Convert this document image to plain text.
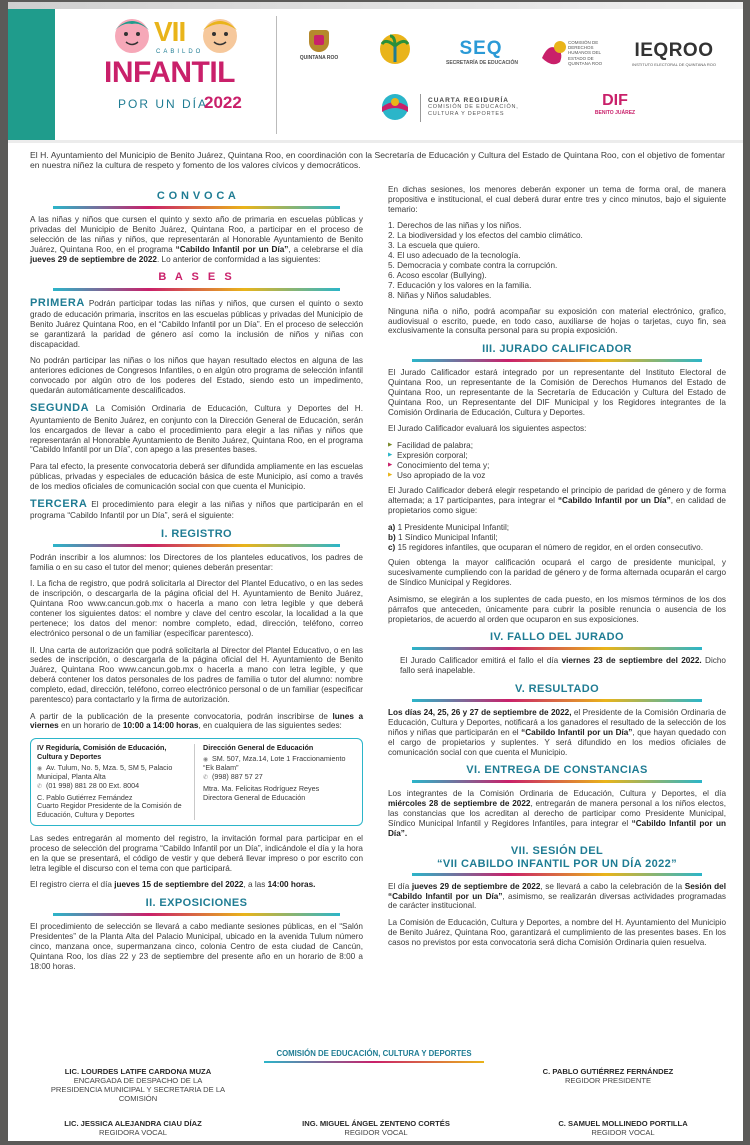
VII
CABILDO
INFANTIL
POR UN DÍA
2022
QUINTANA ROO	SEQ
SECRETARÍA DE EDUCACIÓN
COMISIÓN DE DERECHOS HUMANOS DEL ESTADO DE QUINTANA ROO
IEQROO
INSTITUTO ELECTORAL DE QUINTANA ROO
CUARTA REGIDURÍA
COMISIÓN DE EDUCACIÓN, CULTURA Y DEPORTES
DIF
BENITO JUÁREZ

El H. Ayuntamiento del Municipio de Benito Juárez, Quintana Roo, en coordinación con la Secretaría de Educación y Cultura del Estado de Quintana Roo, con el objetivo de fomentar en nuestra niñez la cultura de respeto y fomento de los valores cívicos y democráticos.

C O N V O C A

A las niñas y niños que cursen el quinto y sexto año de primaria en escuelas públicas y privadas del Municipio de Benito Juárez, Quintana Roo, a participar en el proceso de selección de las niñas y niños, que representarán al Honorable Ayuntamiento de Benito Juárez, Quintana Roo, en el programa “Cabildo Infantil por un Día”, a celebrarse el día jueves 29 de septiembre de 2022. Lo anterior de conformidad a las siguientes:

B A S E S

PRIMERA Podrán participar todas las niñas y niños, que cursen el quinto o sexto grado de educación primaria, inscritos en las escuelas públicas y privadas del Municipio de Benito Juárez Quintana Roo, en el “Cabildo Infantil por un Día”. En el proceso de selección se garantizará la paridad de género así como la inclusión de niños y niñas con discapacidad.

No podrán participar las niñas o los niños que hayan resultado electos en alguna de las anteriores ediciones de Congresos Infantiles, o en algún otro programa de selección infantil convocado por algún otro de los poderes del Estado, siendo esto un impedimento, quedarán automáticamente descalificados.

SEGUNDA La Comisión Ordinaria de Educación, Cultura y Deportes del H. Ayuntamiento de Benito Juárez, en conjunto con la Dirección General de Educación, serán los encargados de llevar a cabo el procedimiento para elegir a las niñas y niños que representarán al Honorable Ayuntamiento de Benito Juárez, Quintana Roo, en el programa “Cabildo Infantil por un Día”, con apego a las presentes bases.

Para tal efecto, la presente convocatoria deberá ser difundida ampliamente en las escuelas públicas, privadas y especiales de educación básica de este Municipio, así como a través de los medios oficiales de comunicación social con que cuenta el Municipio.

TERCERA El procedimiento para elegir a las niñas y niños que participarán en el programa “Cabildo Infantil por un Día”, será el siguiente:

I. REGISTRO

Podrán inscribir a los alumnos: los Directores de los planteles educativos, los padres de familia o en su caso el tutor del menor; quienes deberán presentar:

I. La ficha de registro, que podrá solicitarla al Director del Plantel Educativo, o en las sedes de inscripción, o descargarla de la página oficial del H. Ayuntamiento de Benito Juárez, Quintana Roo www.cancun.gob.mx o hacerla a mano con letra legible y que deberá contener los siguientes datos: el nombre y clave del centro escolar, la localidad a la que pertenece; los datos del menor: nombre completo, edad, dirección, teléfono, correo electrónico personal o de un familiar (especificar parentesco).

II. Una carta de autorización que podrá solicitarla al Director del Plantel Educativo, o en las sedes de inscripción, o descargarla de la página oficial del H. Ayuntamiento de Benito Juárez, Quintana Roo www.cancun.gob.mx o hacerla a mano con letra legible, y que deberá contener los datos personales de los padres de familia o tutor del alumno: nombre completo, edad, dirección, teléfono, correo electrónico personal o de un familiar (especificar parentesco) para contactarlo y la firma de autorización.

A partir de la publicación de la presente convocatoria, podrán inscribirse de lunes a viernes en un horario de 10:00 a 14:00 horas, en cualquiera de las siguientes sedes:

IV Regiduría, Comisión de Educación, Cultura y Deportes
◉ Av. Tulum, No. 5, Mza. 5, SM 5, Palacio Municipal, Planta Alta
✆ (01 998) 881 28 00 Ext. 8004
C. Pablo Gutiérrez Fernández
Cuarto Regidor Presidente de la Comisión de Educación, Cultura y Deportes
Dirección General de Educación
◉ SM. 507, Mza.14, Lote 1 Fraccionamiento “Ek Balam”
✆ (998) 887 57 27
Mtra. Ma. Felicitas Rodríguez Reyes
Directora General de Educación

Las sedes entregarán al momento del registro, la invitación formal para participar en el proceso de selección del programa “Cabildo Infantil por un Día”, indicándole el día y la hora en la que se presentará, el código de vestir y que deberá llevar impreso o por escrito con letra legible el discurso con el tema con que participará.

El registro cierra el día jueves 15 de septiembre del 2022, a las 14:00 horas.

II. EXPOSICIONES

El procedimiento de selección se llevará a cabo mediante sesiones públicas, en el “Salón Presidentes” de la Planta Alta del Palacio Municipal, ubicado en la avenida Tulum número cinco, manzana once, supermanzana cinco, colonia Centro de esta ciudad de Cancún, Quintana Roo, los días 22 y 23 de septiembre del presente año en un horario de 8:00 a 18:00 horas.

En dichas sesiones, los menores deberán exponer un tema de forma oral, de manera propositiva e institucional, el cual deberá durar entre tres y cinco minutos, bajo el siguiente temario:

1. Derechos de las niñas y los niños.
2. La biodiversidad y los efectos del cambio climático.
3. La escuela que quiero.
4. El uso adecuado de la tecnología.
5. Democracia y combate contra la corrupción.
6. Acoso escolar (Bullying).
7. Educación y los valores en la familia.
8. Niñas y Niños saludables.

Ninguna niña o niño, podrá acompañar su exposición con material electrónico, grafico, audiovisual o escrito, puede, en todo caso, auxiliarse de hojas o tarjetas, cuyo fin, sea exclusivamente la consulta personal para su propia exposición.

III. JURADO CALIFICADOR

El Jurado Calificador estará integrado por un representante del Instituto Electoral de Quintana Roo, un representante de la Comisión de Derechos Humanos del Estado de Quintana Roo, un representante de la Secretaría de Educación y Cultura del Estado de Quintana Roo, un Representante del DIF Municipal y los Regidores integrantes de la Comisión Ordinaria de Educación, Cultura y Deportes.

El Jurado Calificador evaluará los siguientes aspectos:

▶ Facilidad de palabra;
▶ Expresión corporal;
▶ Conocimiento del tema y;
▶ Uso apropiado de la voz

El Jurado Calificador deberá elegir respetando el principio de paridad de género y de forma alternada; a 17 participantes, para integrar el “Cabildo Infantil por un Día”, en calidad de propietarios como sigue:

a) 1 Presidente Municipal Infantil;
b) 1 Síndico Municipal Infantil;
c) 15 regidores infantiles, que ocuparan el número de regidor, en el orden consecutivo.

Quien obtenga la mayor calificación ocupará el cargo de presidente municipal, y sucesivamente cumpliendo con la paridad de género y de forma alternada ocuparán el cargo de Síndico Municipal y Regidores.

Asimismo, se elegirán a los suplentes de cada puesto, en los mismos términos de los dos párrafos que anteceden, únicamente para cubrir la posible renuncia o ausencia de los propietarios, de acuerdo al orden que ocuparon en sus exposiciones.

IV. FALLO DEL JURADO

El Jurado Calificador emitirá el fallo el día viernes 23 de septiembre del 2022. Dicho fallo será inapelable.

V. RESULTADO

Los días 24, 25, 26 y 27 de septiembre de 2022, el Presidente de la Comisión Ordinaria de Educación, Cultura y Deportes, notificará a los ganadores el resultado de la selección de los niños y niñas que participarán en el “Cabildo Infantil por un Día”, que hayan quedado con el cargo de propietarios y suplentes. Y será difundido en los medios oficiales de comunicación social con que cuenta el Municipio.

VI. ENTREGA DE CONSTANCIAS

Los integrantes de la Comisión Ordinaria de Educación, Cultura y Deportes, el día miércoles 28 de septiembre de 2022, entregarán de manera personal a los niños electos, las constancias que los acreditan al derecho de participar como Presidente Municipal, Síndico Municipal Infantil y Regidores Infantiles, para integrar el “Cabildo Infantil por un Día”.

VII. SESIÓN DEL
“VII CABILDO INFANTIL POR UN DÍA 2022”

El día jueves 29 de septiembre de 2022, se llevará a cabo la celebración de la Sesión del “Cabildo Infantil por un Día”, asimismo, se realizarán diversas actividades programadas de carácter institucional.

La Comisión de Educación, Cultura y Deportes, a nombre del H. Ayuntamiento del Municipio de Benito Juárez, Quintana Roo, garantizará el cumplimiento de las presentes bases. En los casos no previstos por esta convocatoria será dicha Comisión Ordinaria quien resuelva.

COMISIÓN DE EDUCACIÓN, CULTURA Y DEPORTES
LIC. LOURDES LATIFE CARDONA MUZA
ENCARGADA DE DESPACHO DE LA PRESIDENCIA MUNICIPAL Y SECRETARIA DE LA COMISIÓN
C. PABLO GUTIÉRREZ FERNÁNDEZ
REGIDOR PRESIDENTE
LIC. JESSICA ALEJANDRA CIAU DÍAZ
REGIDORA VOCAL
ING. MIGUEL ÁNGEL ZENTENO CORTÉS
REGIDOR VOCAL
C. SAMUEL MOLLINEDO PORTILLA
REGIDOR VOCAL
